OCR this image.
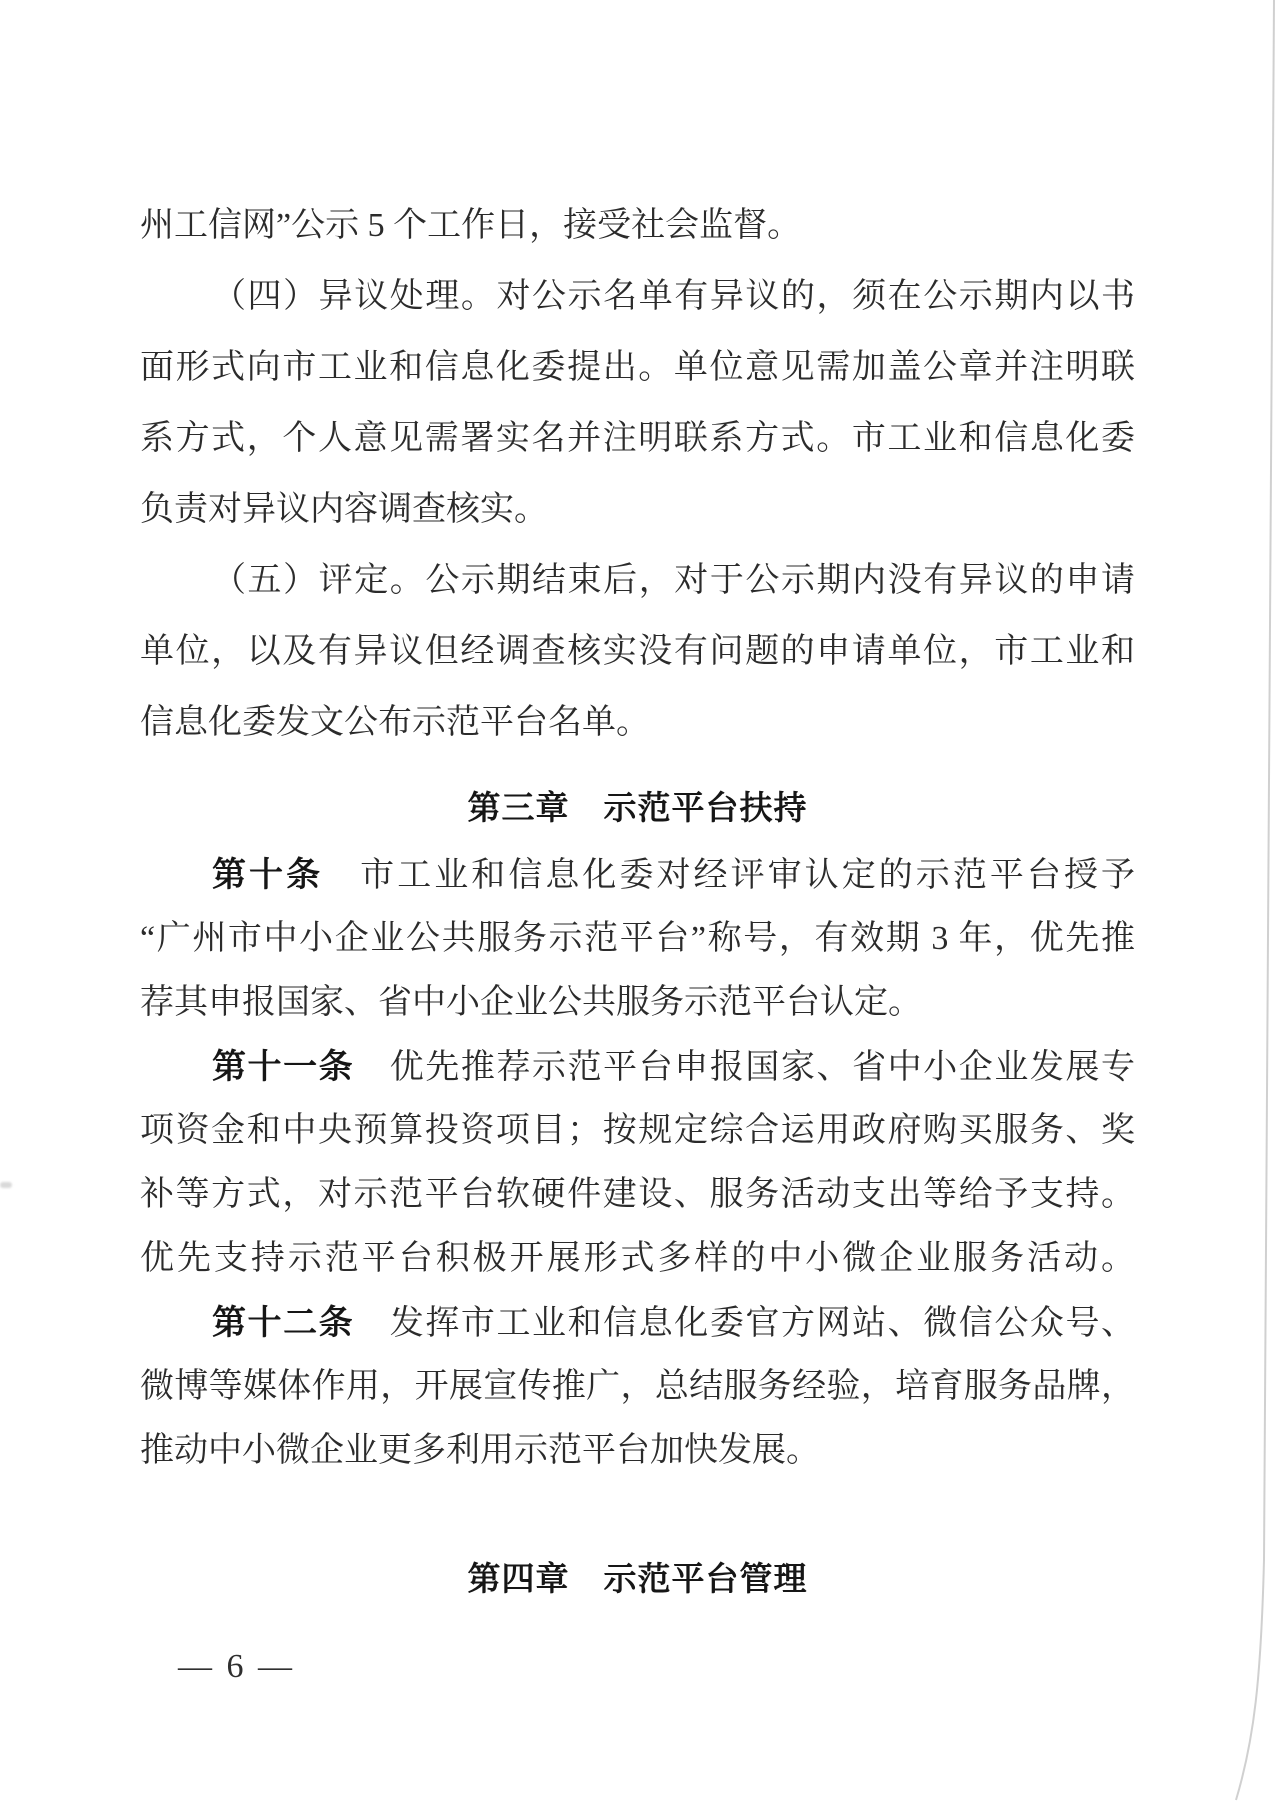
州工信网”公示 5 个工作日，接受社会监督。
（四）异议处理。对公示名单有异议的，须在公示期内以书
面形式向市工业和信息化委提出。单位意见需加盖公章并注明联
系方式，个人意见需署实名并注明联系方式。市工业和信息化委
负责对异议内容调查核实。
（五）评定。公示期结束后，对于公示期内没有异议的申请
单位，以及有异议但经调查核实没有问题的申请单位，市工业和
信息化委发文公布示范平台名单。
第三章　示范平台扶持
第十条　市工业和信息化委对经评审认定的示范平台授予
“广州市中小企业公共服务示范平台”称号，有效期 3 年，优先推
荐其申报国家、省中小企业公共服务示范平台认定。
第十一条　优先推荐示范平台申报国家、省中小企业发展专
项资金和中央预算投资项目；按规定综合运用政府购买服务、奖
补等方式，对示范平台软硬件建设、服务活动支出等给予支持。
优先支持示范平台积极开展形式多样的中小微企业服务活动。
第十二条　发挥市工业和信息化委官方网站、微信公众号、
微博等媒体作用，开展宣传推广，总结服务经验，培育服务品牌，
推动中小微企业更多利用示范平台加快发展。
第四章　示范平台管理
— 6 —
